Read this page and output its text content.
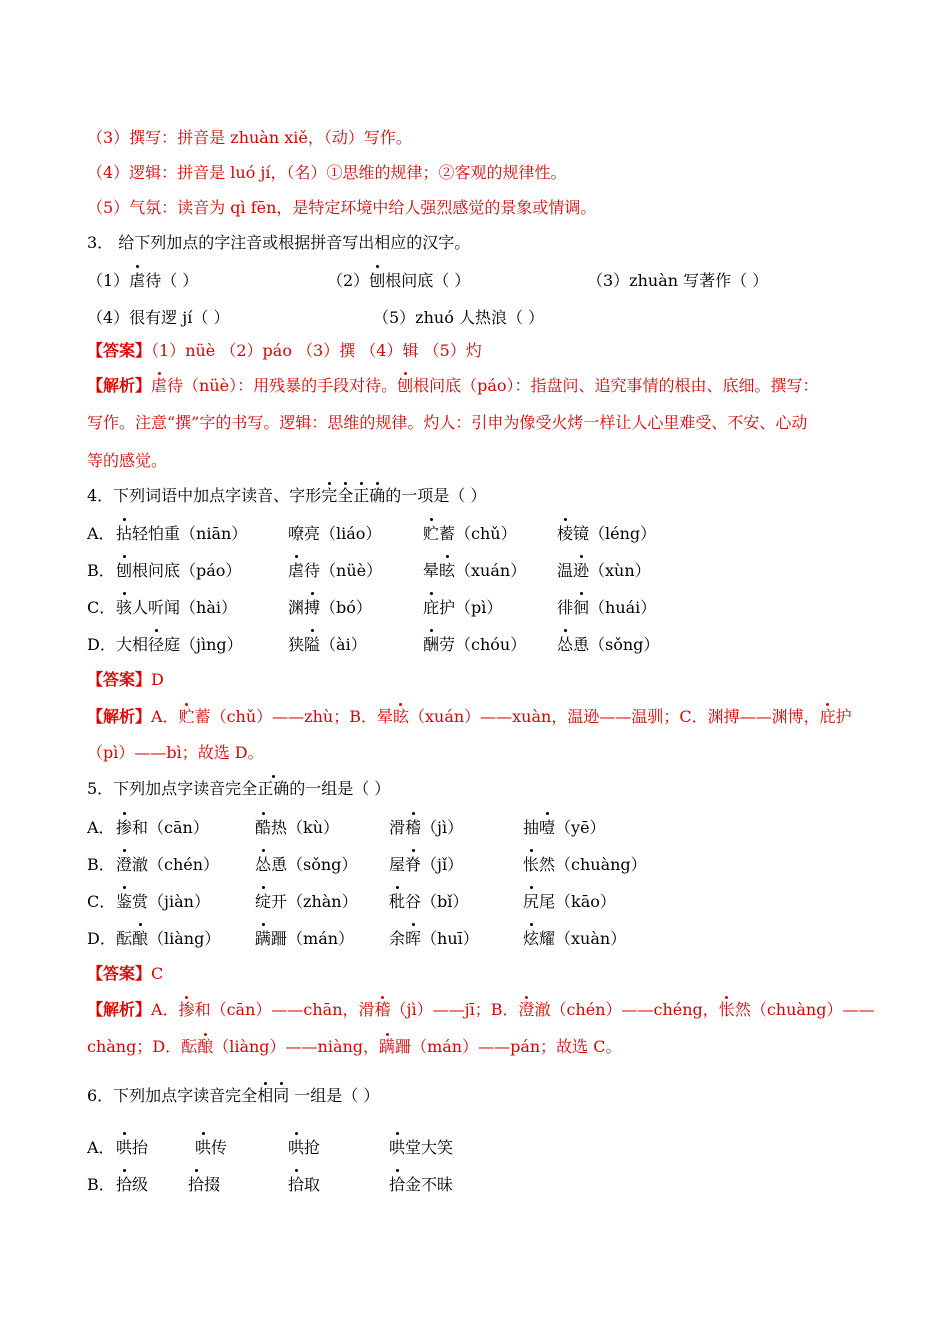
（3）撰写：拼音是 zhuàn xiě，（动）写作。
（4）逻辑：拼音是 luó jí，（名）①思维的规律；②客观的规律性。
（5）气氛：读音为 qì fēn，是特定环境中给人强烈感觉的景象或情调。
3． 给下列加点的字注音或根据拼音写出相应的汉字。
（1）虐待（ ）	（2）刨根问底（ ）	（3）zhuàn 写著作（ ）
（4）很有逻 jí（ ）	（5）zhuó 人热浪（ ）
【答案】（1）nüè （2）páo （3）撰 （4）辑 （5）灼
【解析】虐待（nüè）：用残暴的手段对待。刨根问底（páo）：指盘问、追究事情的根由、底细。撰写：
写作。注意“撰”字的书写。逻辑：思维的规律。灼人：引申为像受火烤一样让人心里难受、不安、心动
等的感觉。
4．下列词语中加点字读音、字形完全正确的一项是（ ）
A． 拈轻怕重（niān）	嘹亮（liáo）	贮蓄（chǔ）	棱镜（léng）
B． 刨根问底（páo）	虐待（nüè）	晕眩（xuán） 温逊（xùn）
C． 骇人听闻（hài）	渊搏（bó）	庇护（pì）	徘徊（huái）
D． 大相径庭（jìng）	狭隘（ài）	酬劳（chóu） 怂恿（sǒng）
【答案】D
【解析】A．贮蓄（chǔ）——zhù；B．晕眩（xuán）——xuàn，温逊——温驯；C．渊搏——渊博，庇护
（pì）——bì；故选 D。
5．下列加点字读音完全正确的一组是（ ）
A． 掺和（cān）	酷热（kù）	滑稽（jì）	抽噎（yē）
B． 澄澈（chén） 怂恿（sǒng） 屋脊（jǐ）	怅然（chuàng）
C． 鉴赏（jiàn）	绽开（zhàn） 秕谷（bǐ）	尻尾（kāo）
D． 酝酿（liàng） 蹒跚（mán） 余晖（huī）	炫耀（xuàn）
【答案】C
【解析】A．掺和（cān）——chān，滑稽（jì）——jī；B．澄澈（chén）——chéng，怅然（chuàng）——
chàng；D．酝酿（liàng）——niàng，蹒跚（mán）——pán；故选 C。
6．下列加点字读音完全相同 一组是（ ）
A． 哄抬	哄传	哄抢	哄堂大笑
B． 拾级 拾掇	拾取	拾金不昧
